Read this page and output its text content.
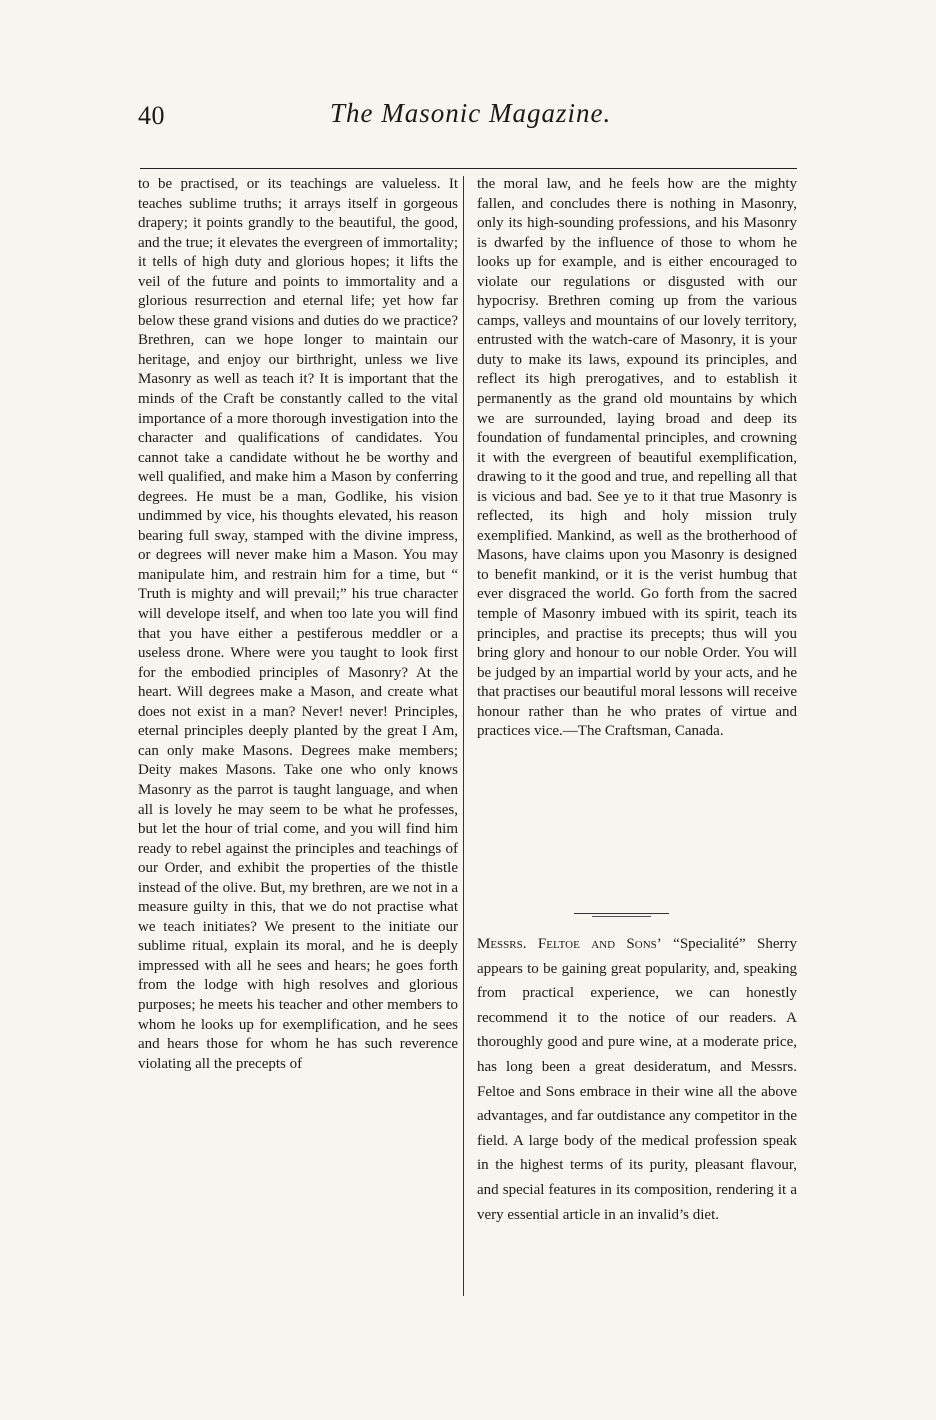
40	The Masonic Magazine.

to be practised, or its teachings are valueless. It teaches sublime truths; it arrays itself in gorgeous drapery; it points grandly to the beautiful, the good, and the true; it elevates the evergreen of immortality; it tells of high duty and glorious hopes; it lifts the veil of the future and points to immortality and a glorious resurrection and eternal life; yet how far below these grand visions and duties do we practice? Brethren, can we hope longer to maintain our heritage, and enjoy our birthright, unless we live Masonry as well as teach it? It is important that the minds of the Craft be constantly called to the vital importance of a more thorough investigation into the character and qualifications of candidates. You cannot take a candidate without he be worthy and well qualified, and make him a Mason by conferring degrees. He must be a man, Godlike, his vision undimmed by vice, his thoughts elevated, his reason bearing full sway, stamped with the divine impress, or degrees will never make him a Mason. You may manipulate him, and restrain him for a time, but “ Truth is mighty and will prevail;” his true character will develope itself, and when too late you will find that you have either a pestiferous meddler or a useless drone. Where were you taught to look first for the embodied principles of Masonry? At the heart. Will degrees make a Mason, and create what does not exist in a man? Never! never! Principles, eternal principles deeply planted by the great I Am, can only make Masons. Degrees make members; Deity makes Masons. Take one who only knows Masonry as the parrot is taught language, and when all is lovely he may seem to be what he professes, but let the hour of trial come, and you will find him ready to rebel against the principles and teachings of our Order, and exhibit the properties of the thistle instead of the olive. But, my brethren, are we not in a measure guilty in this, that we do not practise what we teach initiates? We present to the initiate our sublime ritual, explain its moral, and he is deeply impressed with all he sees and hears; he goes forth from the lodge with high resolves and glorious purposes; he meets his teacher and other members to whom he looks up for exemplification, and he sees and hears those for whom he has such reverence violating all the precepts of

the moral law, and he feels how are the mighty fallen, and concludes there is nothing in Masonry, only its high-sounding professions, and his Masonry is dwarfed by the influence of those to whom he looks up for example, and is either encouraged to violate our regulations or disgusted with our hypocrisy. Brethren coming up from the various camps, valleys and mountains of our lovely territory, entrusted with the watch-care of Masonry, it is your duty to make its laws, expound its principles, and reflect its high prerogatives, and to establish it permanently as the grand old mountains by which we are surrounded, laying broad and deep its foundation of fundamental principles, and crowning it with the evergreen of beautiful exemplification, drawing to it the good and true, and repelling all that is vicious and bad. See ye to it that true Masonry is reflected, its high and holy mission truly exemplified. Mankind, as well as the brotherhood of Masons, have claims upon you Masonry is designed to benefit mankind, or it is the verist humbug that ever disgraced the world. Go forth from the sacred temple of Masonry imbued with its spirit, teach its principles, and practise its precepts; thus will you bring glory and honour to our noble Order. You will be judged by an impartial world by your acts, and he that practises our beautiful moral lessons will receive honour rather than he who prates of virtue and practices vice.—The Craftsman, Canada.

Messrs. Feltoe and Sons’ “Specialité” Sherry appears to be gaining great popularity, and, speaking from practical experience, we can honestly recommend it to the notice of our readers. A thoroughly good and pure wine, at a moderate price, has long been a great desideratum, and Messrs. Feltoe and Sons embrace in their wine all the above advantages, and far outdistance any competitor in the field. A large body of the medical profession speak in the highest terms of its purity, pleasant flavour, and special features in its composition, rendering it a very essential article in an invalid’s diet.
